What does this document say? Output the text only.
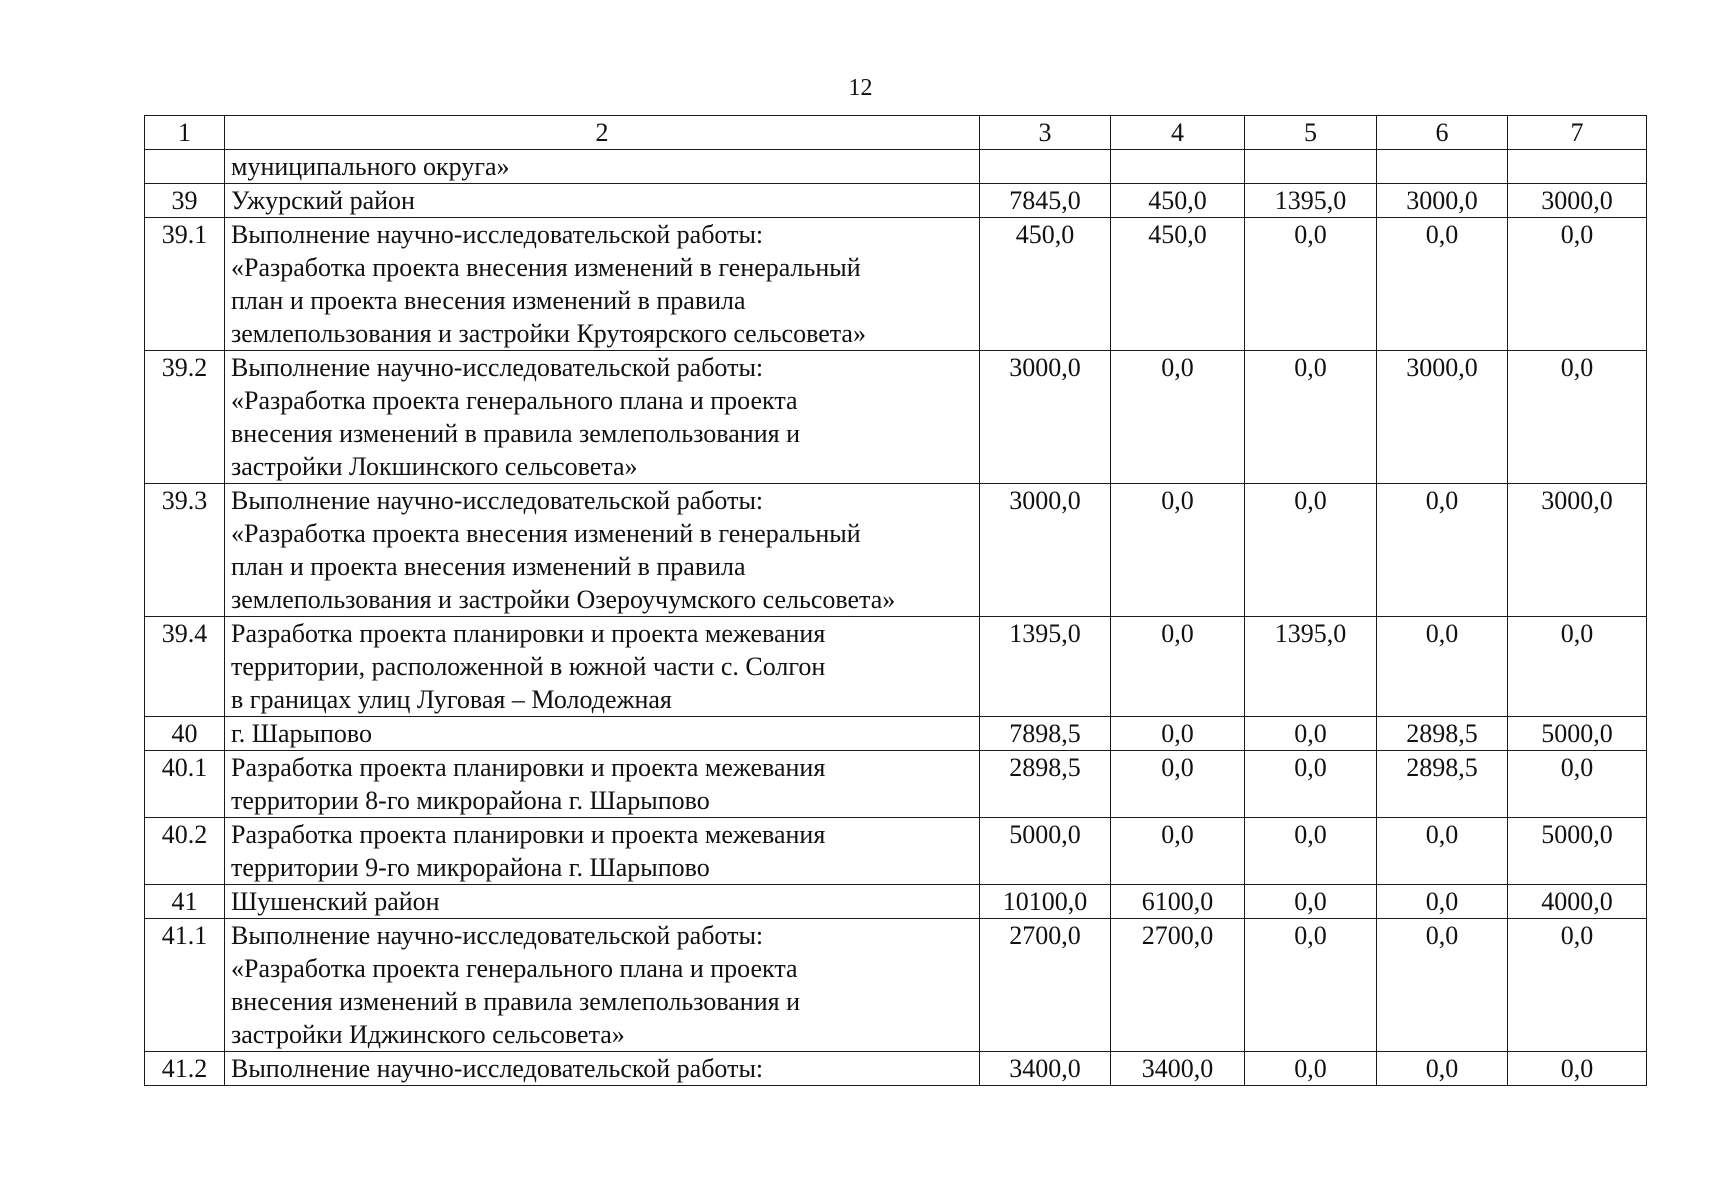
12
1	2	3	4	5	6	7

	муниципального округа»					

39	Ужурский район	7845,0	450,0	1395,0	3000,0	3000,0
39.1	Выполнение научно-исследовательской работы:
«Разработка проекта внесения изменений в генеральный
план и проекта внесения изменений в правила
землепользования и застройки Крутоярского сельсовета»	450,0	450,0	0,0	0,0	0,0
39.2	Выполнение научно-исследовательской работы:
«Разработка проекта генерального плана и проекта
внесения изменений в правила землепользования и
застройки Локшинского сельсовета»	3000,0	0,0	0,0	3000,0	0,0
39.3	Выполнение научно-исследовательской работы:
«Разработка проекта внесения изменений в генеральный
план и проекта внесения изменений в правила
землепользования и застройки Озероучумского сельсовета»	3000,0	0,0	0,0	0,0	3000,0
39.4	Разработка проекта планировки и проекта межевания
территории, расположенной в южной части с. Солгон
в границах улиц Луговая – Молодежная	1395,0	0,0	1395,0	0,0	0,0
40	г. Шарыпово	7898,5	0,0	0,0	2898,5	5000,0
40.1	Разработка проекта планировки и проекта межевания
территории 8-го микрорайона г. Шарыпово	2898,5	0,0	0,0	2898,5	0,0
40.2	Разработка проекта планировки и проекта межевания
территории 9-го микрорайона г. Шарыпово	5000,0	0,0	0,0	0,0	5000,0
41	Шушенский район	10100,0	6100,0	0,0	0,0	4000,0
41.1	Выполнение научно-исследовательской работы:
«Разработка проекта генерального плана и проекта
внесения изменений в правила землепользования и
застройки Иджинского сельсовета»	2700,0	2700,0	0,0	0,0	0,0
41.2	Выполнение научно-исследовательской работы:	3400,0	3400,0	0,0	0,0	0,0
